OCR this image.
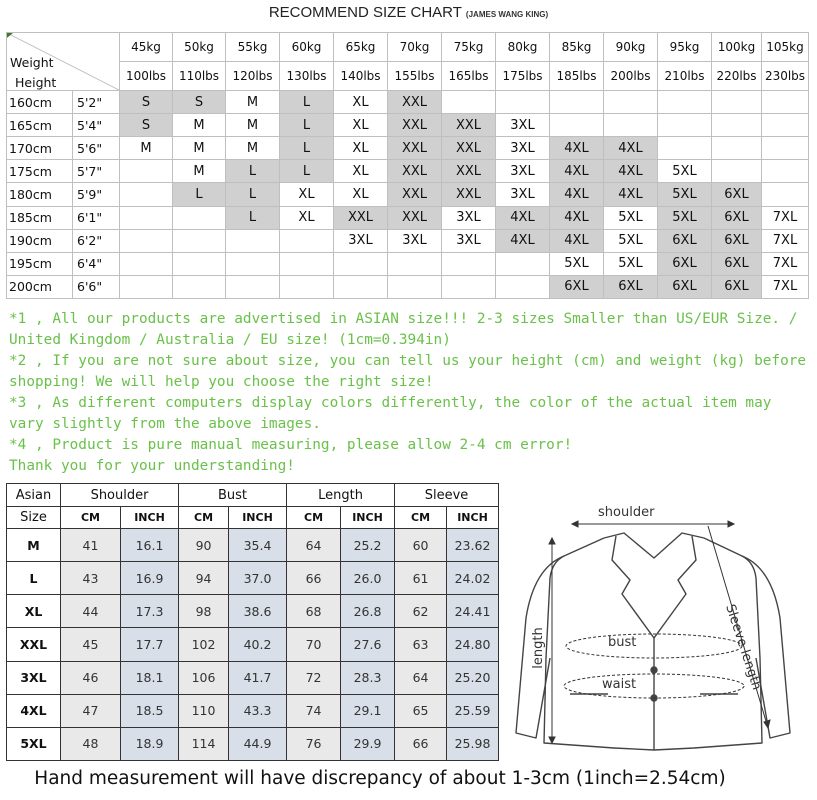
RECOMMEND SIZE CHART (JAMES WANG KING)
Weight
Height		45kg	50kg	55kg	60kg	65kg	70kg	75kg	80kg	85kg	90kg	95kg	100kg	105kg
		100lbs	110lbs	120lbs	130lbs	140lbs	155lbs	165lbs	175lbs	185lbs	200lbs	210lbs	220lbs	230lbs
160cm	5'2"	S	S	M	L	XL	XXL							
165cm	5'4"	S	M	M	L	XL	XXL	XXL	3XL					
170cm	5'6"	M	M	M	L	XL	XXL	XXL	3XL	4XL	4XL			
175cm	5'7"		M	L	L	XL	XXL	XXL	3XL	4XL	4XL	5XL		
180cm	5'9"		L	L	XL	XL	XXL	XXL	3XL	4XL	4XL	5XL	6XL	
185cm	6'1"			L	XL	XXL	XXL	3XL	4XL	4XL	5XL	5XL	6XL	7XL
190cm	6'2"					3XL	3XL	3XL	4XL	4XL	5XL	6XL	6XL	7XL
195cm	6'4"									5XL	5XL	6XL	6XL	7XL
200cm	6'6"									6XL	6XL	6XL	6XL	7XL

*1 , All our products are advertised in ASIAN size!!! 2-3 sizes Smaller than US/EUR Size. / United Kingdom / Australia / EU size! (1cm=0.394in)

*2 , If you are not sure about size, you can tell us your height (cm) and weight (kg) before shopping! We will help you choose the right size!

*3 , As different computers display colors differently, the color of the actual item may vary slightly from the above images.

*4 , Product is pure manual measuring, please allow 2-4 cm error!

Thank you for your understanding!

Asian	Shoulder		Bust		Length		Sleeve	
Size	CM	INCH	CM	INCH	CM	INCH	CM	INCH
M	41	16.1	90	35.4	64	25.2	60	23.62
L	43	16.9	94	37.0	66	26.0	61	24.02
XL	44	17.3	98	38.6	68	26.8	62	24.41
XXL	45	17.7	102	40.2	70	27.6	63	24.80
3XL	46	18.1	106	41.7	72	28.3	64	25.20
4XL	47	18.5	110	43.3	74	29.1	65	25.59
5XL	48	18.9	114	44.9	76	29.9	66	25.98
shoulder
length	bust
waist	Sleeve length
Hand measurement will have discrepancy of about 1-3cm (1inch=2.54cm)
